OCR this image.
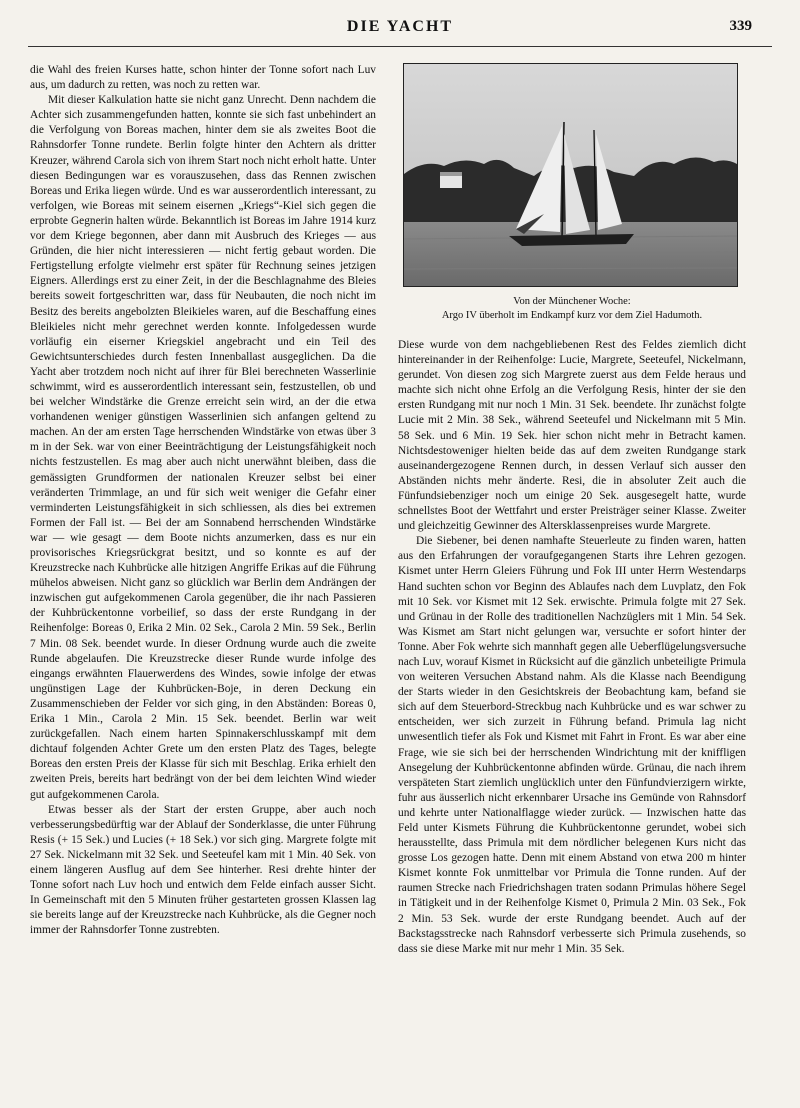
DIE YACHT	339

die Wahl des freien Kurses hatte, schon hinter der Tonne sofort nach Luv aus, um dadurch zu retten, was noch zu retten war.

Mit dieser Kalkulation hatte sie nicht ganz Unrecht. Denn nachdem die Achter sich zusammengefunden hatten, konnte sie sich fast unbehindert an die Verfolgung von Boreas machen, hinter dem sie als zweites Boot die Rahnsdorfer Tonne rundete. Berlin folgte hinter den Achtern als dritter Kreuzer, während Carola sich von ihrem Start noch nicht erholt hatte. Unter diesen Bedingungen war es vorauszusehen, dass das Rennen zwischen Boreas und Erika liegen würde. Und es war ausserordentlich interessant, zu verfolgen, wie Boreas mit seinem eisernen „Kriegs“-Kiel sich gegen die erprobte Gegnerin halten würde. Bekanntlich ist Boreas im Jahre 1914 kurz vor dem Kriege begonnen, aber dann mit Ausbruch des Krieges — aus Gründen, die hier nicht interessieren — nicht fertig gebaut worden. Die Fertigstellung erfolgte vielmehr erst später für Rechnung seines jetzigen Eigners. Allerdings erst zu einer Zeit, in der die Beschlagnahme des Bleies bereits soweit fortgeschritten war, dass für Neubauten, die noch nicht im Besitz des bereits angebolzten Bleikieles waren, auf die Beschaffung eines Bleikieles nicht mehr gerechnet werden konnte. Infolgedessen wurde vorläufig ein eiserner Kriegskiel angebracht und ein Teil des Gewichtsunterschiedes durch festen Innenballast ausgeglichen. Da die Yacht aber trotzdem noch nicht auf ihrer für Blei berechneten Wasserlinie schwimmt, wird es ausserordentlich interessant sein, festzustellen, ob und bei welcher Windstärke die Grenze erreicht sein wird, an der die etwa vorhandenen weniger günstigen Wasserlinien sich anfangen geltend zu machen. An der am ersten Tage herrschenden Windstärke von etwas über 3 m in der Sek. war von einer Beeinträchtigung der Leistungsfähigkeit noch nichts festzustellen. Es mag aber auch nicht unerwähnt bleiben, dass die gemässigten Grundformen der nationalen Kreuzer selbst bei einer veränderten Trimmlage, an und für sich weit weniger die Gefahr einer verminderten Leistungsfähigkeit in sich schliessen, als dies bei extremen Formen der Fall ist. — Bei der am Sonnabend herrschenden Windstärke war — wie gesagt — dem Boote nichts anzumerken, dass es nur ein provisorisches Kriegsrückgrat besitzt, und so konnte es auf der Kreuzstrecke nach Kuhbrücke alle hitzigen Angriffe Erikas auf die Führung mühelos abweisen. Nicht ganz so glücklich war Berlin dem Andrängen der inzwischen gut aufgekommenen Carola gegenüber, die ihr nach Passieren der Kuhbrückentonne vorbeilief, so dass der erste Rundgang in der Reihenfolge: Boreas 0, Erika 2 Min. 02 Sek., Carola 2 Min. 59 Sek., Berlin 7 Min. 08 Sek. beendet wurde. In dieser Ordnung wurde auch die zweite Runde abgelaufen. Die Kreuzstrecke dieser Runde wurde infolge des eingangs erwähnten Flauerwerdens des Windes, sowie infolge der etwas ungünstigen Lage der Kuhbrücken-Boje, in deren Deckung ein Zusammenschieben der Felder vor sich ging, in den Abständen: Boreas 0, Erika 1 Min., Carola 2 Min. 15 Sek. beendet. Berlin war weit zurückgefallen. Nach einem harten Spinnakerschlusskampf mit dem dichtauf folgenden Achter Grete um den ersten Platz des Tages, belegte Boreas den ersten Preis der Klasse für sich mit Beschlag. Erika erhielt den zweiten Preis, bereits hart bedrängt von der bei dem leichten Wind wieder gut aufgekommenen Carola.

Etwas besser als der Start der ersten Gruppe, aber auch noch verbesserungsbedürftig war der Ablauf der Sonderklasse, die unter Führung Resis (+ 15 Sek.) und Lucies (+ 18 Sek.) vor sich ging. Margrete folgte mit 27 Sek. Nickelmann mit 32 Sek. und Seeteufel kam mit 1 Min. 40 Sek. von einem längeren Ausflug auf dem See hinterher. Resi drehte hinter der Tonne sofort nach Luv hoch und entwich dem Felde einfach ausser Sicht. In Gemeinschaft mit den 5 Minuten früher gestarteten grossen Klassen lag sie bereits lange auf der Kreuzstrecke nach Kuhbrücke, als die Gegner noch immer der Rahnsdorfer Tonne zustrebten.

Von der Münchener Woche:
Argo IV überholt im Endkampf kurz vor dem Ziel Hadumoth.

Diese wurde von dem nachgebliebenen Rest des Feldes ziemlich dicht hintereinander in der Reihenfolge: Lucie, Margrete, Seeteufel, Nickelmann, gerundet. Von diesen zog sich Margrete zuerst aus dem Felde heraus und machte sich nicht ohne Erfolg an die Verfolgung Resis, hinter der sie den ersten Rundgang mit nur noch 1 Min. 31 Sek. beendete. Ihr zunächst folgte Lucie mit 2 Min. 38 Sek., während Seeteufel und Nickelmann mit 5 Min. 58 Sek. und 6 Min. 19 Sek. hier schon nicht mehr in Betracht kamen. Nichtsdestoweniger hielten beide das auf dem zweiten Rundgange stark auseinandergezogene Rennen durch, in dessen Verlauf sich ausser den Abständen nichts mehr änderte. Resi, die in absoluter Zeit auch die Fünfundsiebenziger noch um einige 20 Sek. ausgesegelt hatte, wurde schnellstes Boot der Wettfahrt und erster Preisträger seiner Klasse. Zweiter und gleichzeitig Gewinner des Altersklassenpreises wurde Margrete.

Die Siebener, bei denen namhafte Steuerleute zu finden waren, hatten aus den Erfahrungen der voraufgegangenen Starts ihre Lehren gezogen. Kismet unter Herrn Gleiers Führung und Fok III unter Herrn Westendarps Hand suchten schon vor Beginn des Ablaufes nach dem Luvplatz, den Fok mit 10 Sek. vor Kismet mit 12 Sek. erwischte. Primula folgte mit 27 Sek. und Grünau in der Rolle des traditionellen Nachzüglers mit 1 Min. 54 Sek. Was Kismet am Start nicht gelungen war, versuchte er sofort hinter der Tonne. Aber Fok wehrte sich mannhaft gegen alle Ueberflügelungsversuche nach Luv, worauf Kismet in Rücksicht auf die gänzlich unbeteiligte Primula von weiteren Versuchen Abstand nahm. Als die Klasse nach Beendigung der Starts wieder in den Gesichtskreis der Beobachtung kam, befand sie sich auf dem Steuerbord-Streckbug nach Kuhbrücke und es war schwer zu entscheiden, wer sich zurzeit in Führung befand. Primula lag nicht unwesentlich tiefer als Fok und Kismet mit Fahrt in Front. Es war aber eine Frage, wie sie sich bei der herrschenden Windrichtung mit der kniffligen Ansegelung der Kuhbrückentonne abfinden würde. Grünau, die nach ihrem verspäteten Start ziemlich unglücklich unter den Fünfundvierzigern wirkte, fuhr aus äusserlich nicht erkennbarer Ursache ins Gemünde von Rahnsdorf und kehrte unter Nationalflagge wieder zurück. — Inzwischen hatte das Feld unter Kismets Führung die Kuhbrückentonne gerundet, wobei sich herausstellte, dass Primula mit dem nördlicher belegenen Kurs nicht das grosse Los gezogen hatte. Denn mit einem Abstand von etwa 200 m hinter Kismet konnte Fok unmittelbar vor Primula die Tonne runden. Auf der raumen Strecke nach Friedrichshagen traten sodann Primulas höhere Segel in Tätigkeit und in der Reihenfolge Kismet 0, Primula 2 Min. 03 Sek., Fok 2 Min. 53 Sek. wurde der erste Rundgang beendet. Auch auf der Backstagsstrecke nach Rahnsdorf verbesserte sich Primula zusehends, so dass sie diese Marke mit nur mehr 1 Min. 35 Sek.
